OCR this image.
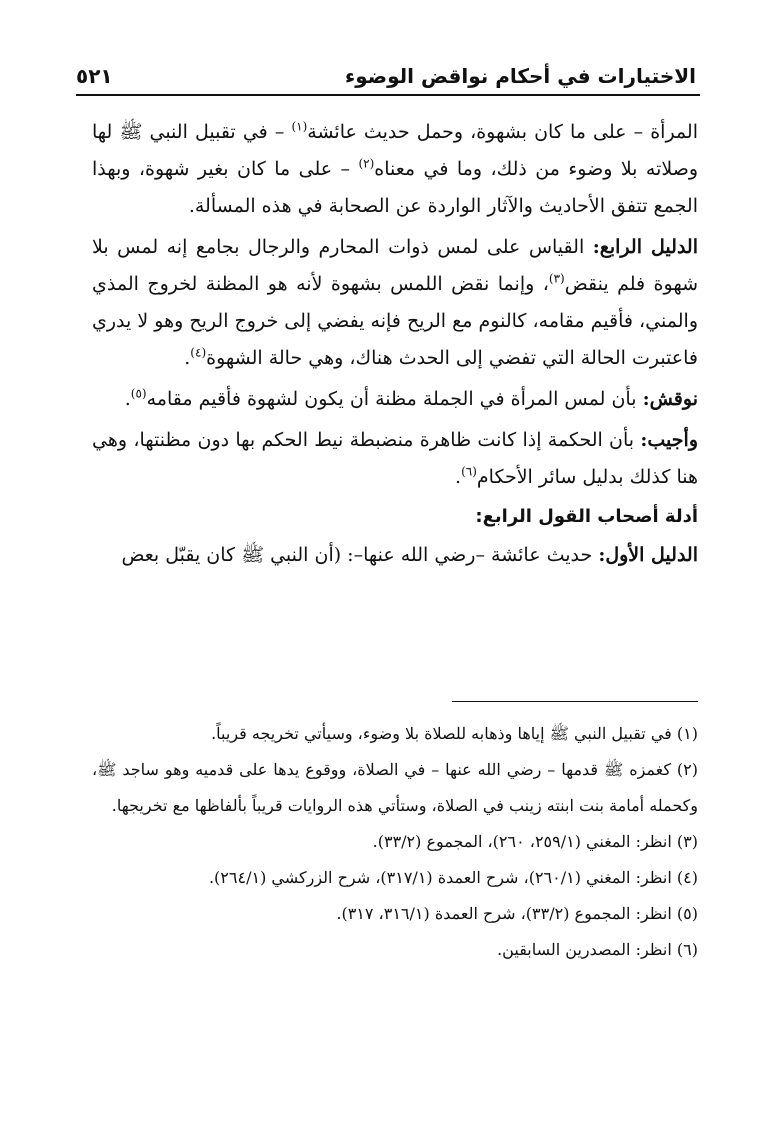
الاختيارات في أحكام نواقض الوضوء
٥٢١

المرأة – على ما كان بشهوة، وحمل حديث عائشة$^{(١)}$ – في تقبيل النبي ﷺ لها وصلاته بلا وضوء من ذلك، وما في معناه$^{(٢)}$ – على ما كان بغير شهوة، وبهذا الجمع تتفق الأحاديث والآثار الواردة عن الصحابة في هذه المسألة.

الدليل الرابع: القياس على لمس ذوات المحارم والرجال بجامع إنه لمس بلا شهوة فلم ينقض$^{(٣)}$، وإنما نقض اللمس بشهوة لأنه هو المظنة لخروج المذي والمني، فأقيم مقامه، كالنوم مع الريح فإنه يفضي إلى خروج الريح وهو لا يدري فاعتبرت الحالة التي تفضي إلى الحدث هناك، وهي حالة الشهوة$^{(٤)}$.

نوقش: بأن لمس المرأة في الجملة مظنة أن يكون لشهوة فأقيم مقامه$^{(٥)}$.

وأجيب: بأن الحكمة إذا كانت ظاهرة منضبطة نيط الحكم بها دون مظنتها، وهي هنا كذلك بدليل سائر الأحكام$^{(٦)}$.

أدلة أصحاب القول الرابع:

الدليل الأول: حديث عائشة –رضي الله عنها–: (أن النبي ﷺ كان يقبّل بعض

(١) في تقبيل النبي ﷺ إياها وذهابه للصلاة بلا وضوء، وسيأتي تخريجه قريباً.

(٢) كغمزه ﷺ قدمها – رضي الله عنها – في الصلاة، ووقوع يدها على قدميه وهو ساجد ﷺ، وكحمله أمامة بنت ابنته زينب في الصلاة، وستأتي هذه الروايات قريباً بألفاظها مع تخريجها.

(٣) انظر: المغني (٢٥٩/١، ٢٦٠)، المجموع (٣٣/٢).

(٤) انظر: المغني (٢٦٠/١)، شرح العمدة (٣١٧/١)، شرح الزركشي (٢٦٤/١).

(٥) انظر: المجموع (٣٣/٢)، شرح العمدة (٣١٦/١، ٣١٧).

(٦) انظر: المصدرين السابقين.
